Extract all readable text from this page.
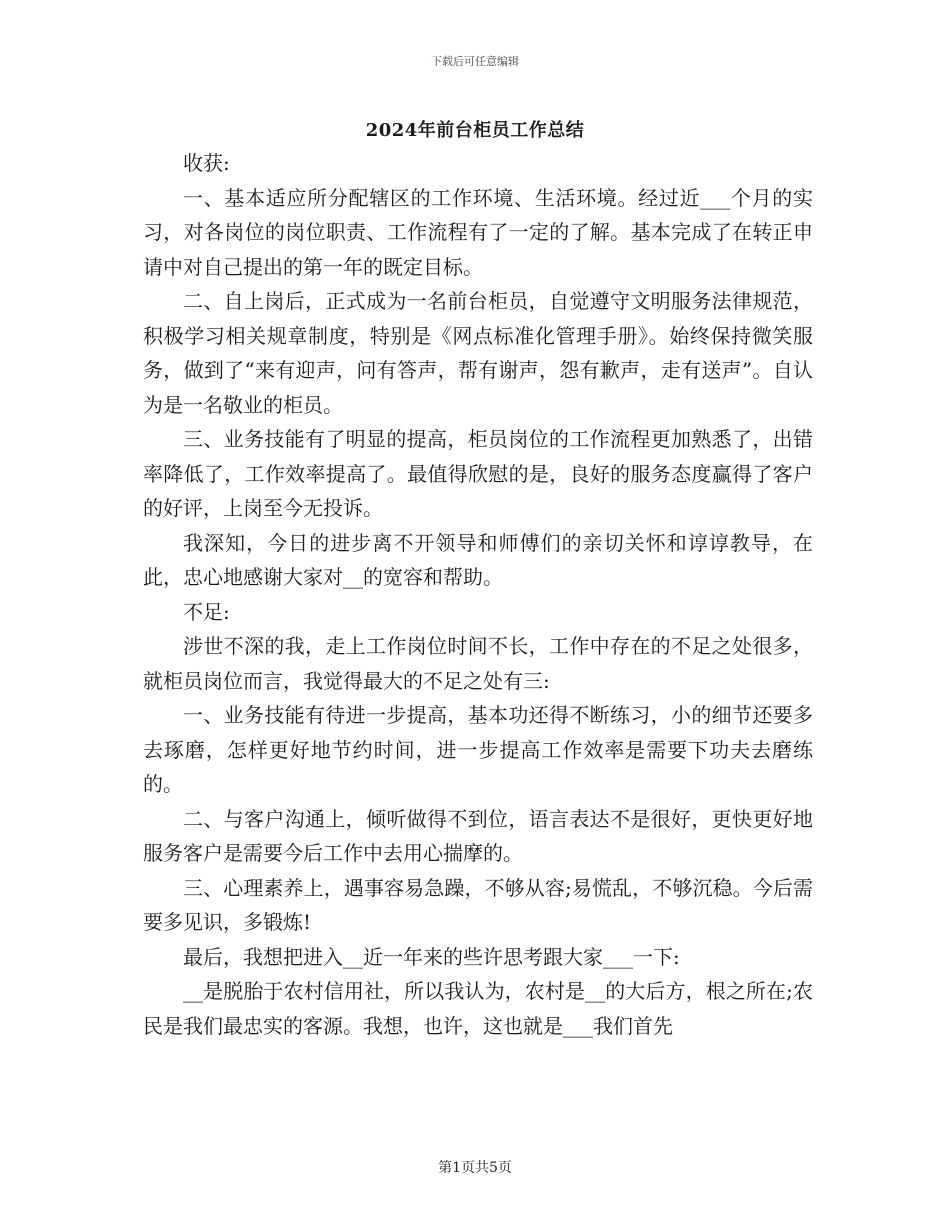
下载后可任意编辑
2024年前台柜员工作总结

收获:

一、基本适应所分配辖区的工作环境、生活环境。经过近___个月的实习，对各岗位的岗位职责、工作流程有了一定的了解。基本完成了在转正申请中对自己提出的第一年的既定目标。

二、自上岗后，正式成为一名前台柜员，自觉遵守文明服务法律规范，积极学习相关规章制度，特别是《网点标准化管理手册》。始终保持微笑服务，做到了“来有迎声，问有答声，帮有谢声，怨有歉声，走有送声”。自认为是一名敬业的柜员。

三、业务技能有了明显的提高，柜员岗位的工作流程更加熟悉了，出错率降低了，工作效率提高了。最值得欣慰的是，良好的服务态度赢得了客户的好评，上岗至今无投诉。

我深知，今日的进步离不开领导和师傅们的亲切关怀和谆谆教导，在此，忠心地感谢大家对__的宽容和帮助。

不足:

涉世不深的我，走上工作岗位时间不长，工作中存在的不足之处很多，就柜员岗位而言，我觉得最大的不足之处有三:

一、业务技能有待进一步提高，基本功还得不断练习，小的细节还要多去琢磨，怎样更好地节约时间，进一步提高工作效率是需要下功夫去磨练的。

二、与客户沟通上，倾听做得不到位，语言表达不是很好，更快更好地服务客户是需要今后工作中去用心揣摩的。

三、心理素养上，遇事容易急躁，不够从容;易慌乱，不够沉稳。今后需要多见识，多锻炼!

最后，我想把进入__近一年来的些许思考跟大家___一下:

__是脱胎于农村信用社，所以我认为，农村是__的大后方，根之所在;农民是我们最忠实的客源。我想，也许，这也就是___我们首先

第1页共5页
